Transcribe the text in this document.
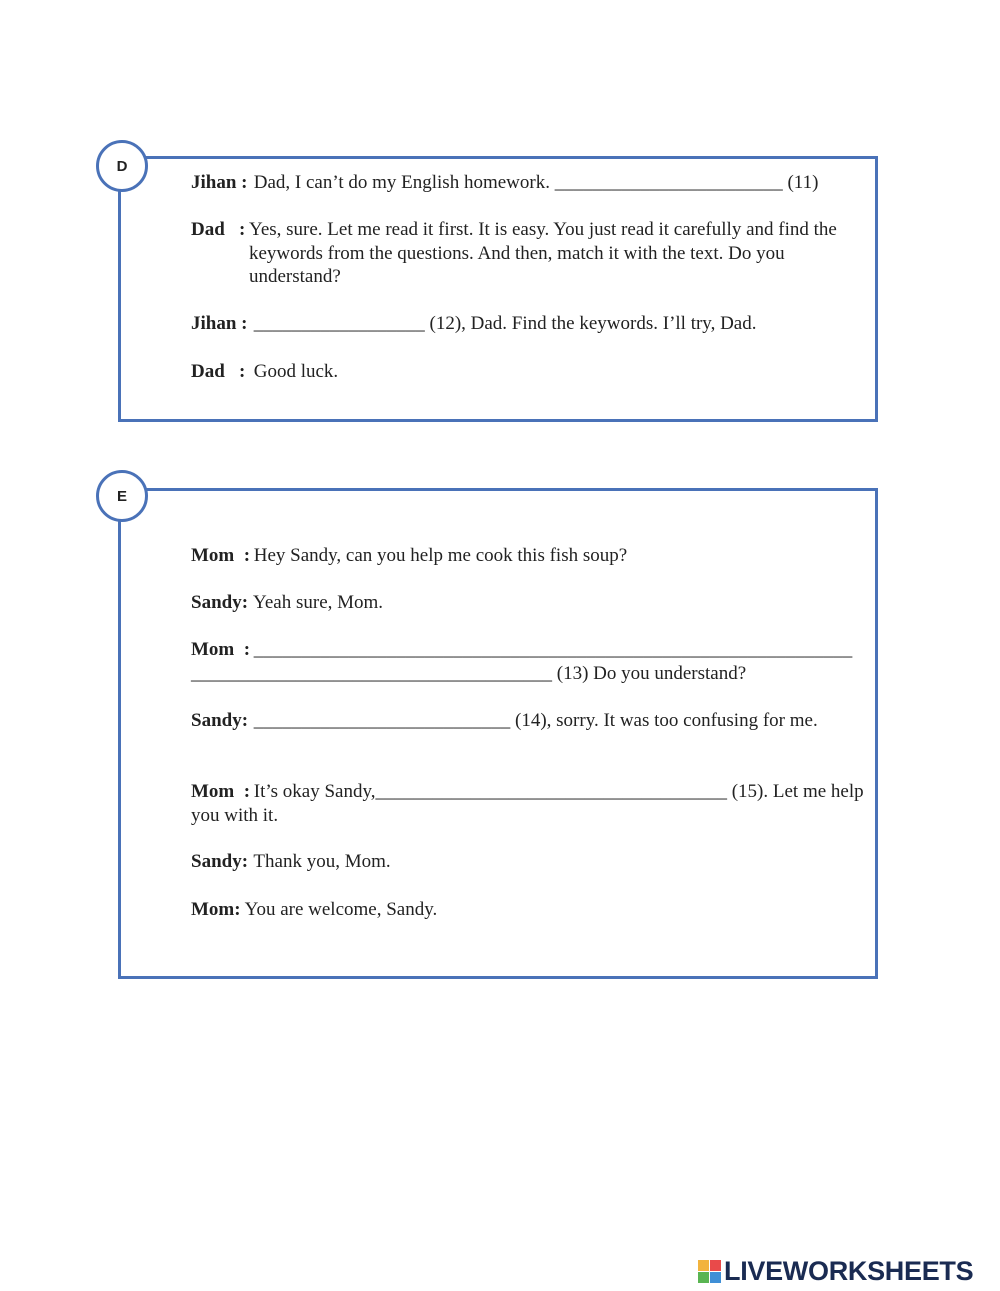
D
Jihan : Dad, I can’t do my English homework. ________________________ (11)
Dad : Yes, sure. Let me read it first. It is easy. You just read it carefully and find the keywords from the questions. And then, match it with the text. Do you understand?
Jihan : __________________ (12), Dad. Find the keywords. I’ll try, Dad.
Dad : Good luck.
E
Mom : Hey Sandy, can you help me cook this fish soup?
Sandy: Yeah sure, Mom.
Mom : _______________________________________________________________ ______________________________________ (13) Do you understand?
Sandy: ___________________________ (14), sorry. It was too confusing for me.
Mom : It’s okay Sandy,_____________________________________ (15). Let me help you with it.
Sandy: Thank you, Mom.
Mom: You are welcome, Sandy.
LIVEWORKSHEETS
